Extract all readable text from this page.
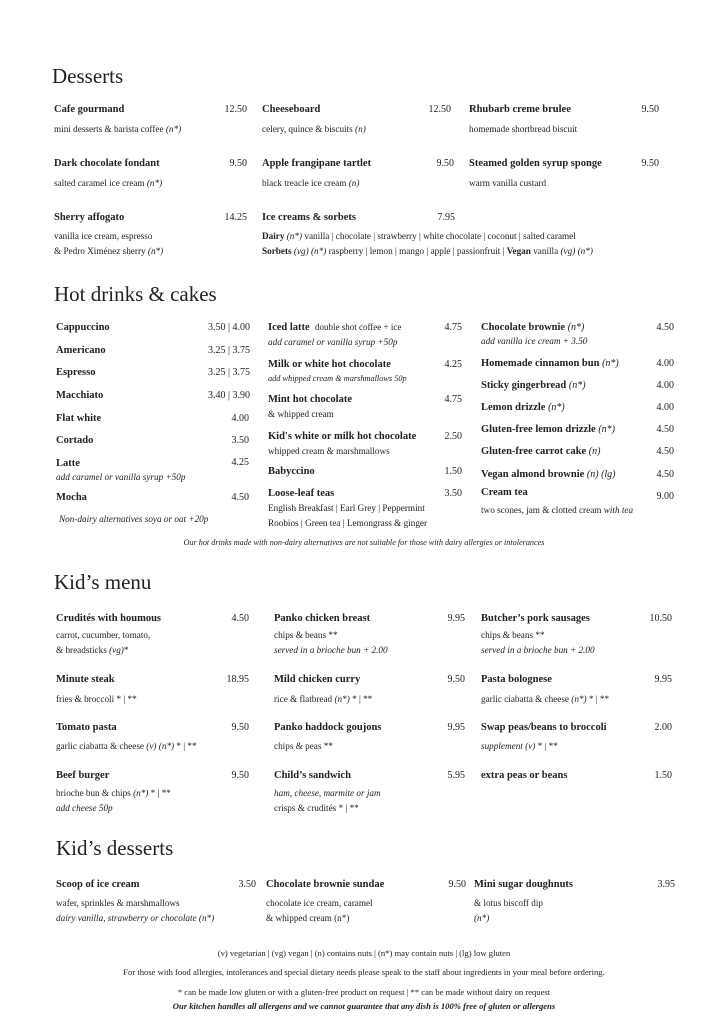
Desserts
Cafe gourmand	12.50
mini desserts & barista coffee (n*)
Cheeseboard	12.50
celery, quince & biscuits (n)
Rhubarb creme brulee	9.50
homemade shortbread biscuit
Dark chocolate fondant	9.50
salted caramel ice cream (n*)
Apple frangipane tartlet	9.50
black treacle ice cream (n)
Steamed golden syrup sponge	9.50
warm vanilla custard
Sherry affogato	14.25
vanilla ice cream, espresso
& Pedro Ximénez sherry (n*)
Ice creams & sorbets	7.95
Dairy (n*) vanilla | chocolate | strawberry | white chocolate | coconut | salted caramel
Sorbets (vg) (n*) raspberry | lemon | mango | apple | passionfruit | Vegan vanilla (vg) (n*)
Hot drinks & cakes
Cappuccino	3.50 | 4.00
Americano	3.25 | 3.75
Espresso	3.25 | 3.75
Macchiato	3.40 | 3.90
Flat white	4.00
Cortado	3.50
Latte	4.25
add caramel or vanilla syrup +50p
Mocha	4.50
Non-dairy alternatives soya or oat +20p
Iced latte double shot coffee + ice	4.75
add caramel or vanilla syrup +50p
Milk or white hot chocolate	4.25
add whipped cream & marshmallows 50p
Mint hot chocolate	4.75
& whipped cream
Kid's white or milk hot chocolate	2.50
whipped cream & marshmallows
Babyccino	1.50
Loose-leaf teas	3.50
English Breakfast | Earl Grey | Peppermint
Roobios | Green tea | Lemongrass & ginger
Chocolate brownie (n*)	4.50
add vanilla ice cream + 3.50
Homemade cinnamon bun (n*)	4.00
Sticky gingerbread (n*)	4.00
Lemon drizzle (n*)	4.00
Gluten-free lemon drizzle (n*)	4.50
Gluten-free carrot cake (n)	4.50
Vegan almond brownie (n) (lg)	4.50
Cream tea	9.00
two scones, jam & clotted cream with tea
Our hot drinks made with non-dairy alternatives are not suitable for those with dairy allergies or intolerances
Kid’s menu
Crudités with houmous	4.50
carrot, cucumber, tomato,
& breadsticks (vg)*
Panko chicken breast	9.95
chips & beans **
served in a brioche bun + 2.00
Butcher’s pork sausages	10.50
chips & beans **
served in a brioche bun + 2.00
Minute steak	18.95
fries & broccoli * | **
Mild chicken curry	9.50
rice & flatbread (n*) * | **
Pasta bolognese	9.95
garlic ciabatta & cheese (n*) * | **
Tomato pasta	9.50
garlic ciabatta & cheese (v) (n*) * | **
Panko haddock goujons	9.95
chips & peas **
Swap peas/beans to broccoli	2.00
supplement (v) * | **
Beef burger	9.50
brioche bun & chips (n*) * | **
add cheese 50p
Child’s sandwich	5.95
ham, cheese, marmite or jam
crisps & crudités * | **
extra peas or beans	1.50
Kid’s desserts
Scoop of ice cream	3.50
wafer, sprinkles & marshmallows
dairy vanilla, strawberry or chocolate (n*)
Chocolate brownie sundae	9.50
chocolate ice cream, caramel
& whipped cream (n*)
Mini sugar doughnuts	3.95
& lotus biscoff dip
(n*)
(v) vegetarian | (vg) vegan | (n) contains nuts | (n*) may contain nuts | (lg) low gluten
For those with food allergies, intolerances and special dietary needs please speak to the staff about ingredients in your meal before ordering.
* can be made low gluten or with a gluten-free product on request | ** can be made without dairy on request
Our kitchen handles all allergens and we cannot guarantee that any dish is 100% free of gluten or allergens
